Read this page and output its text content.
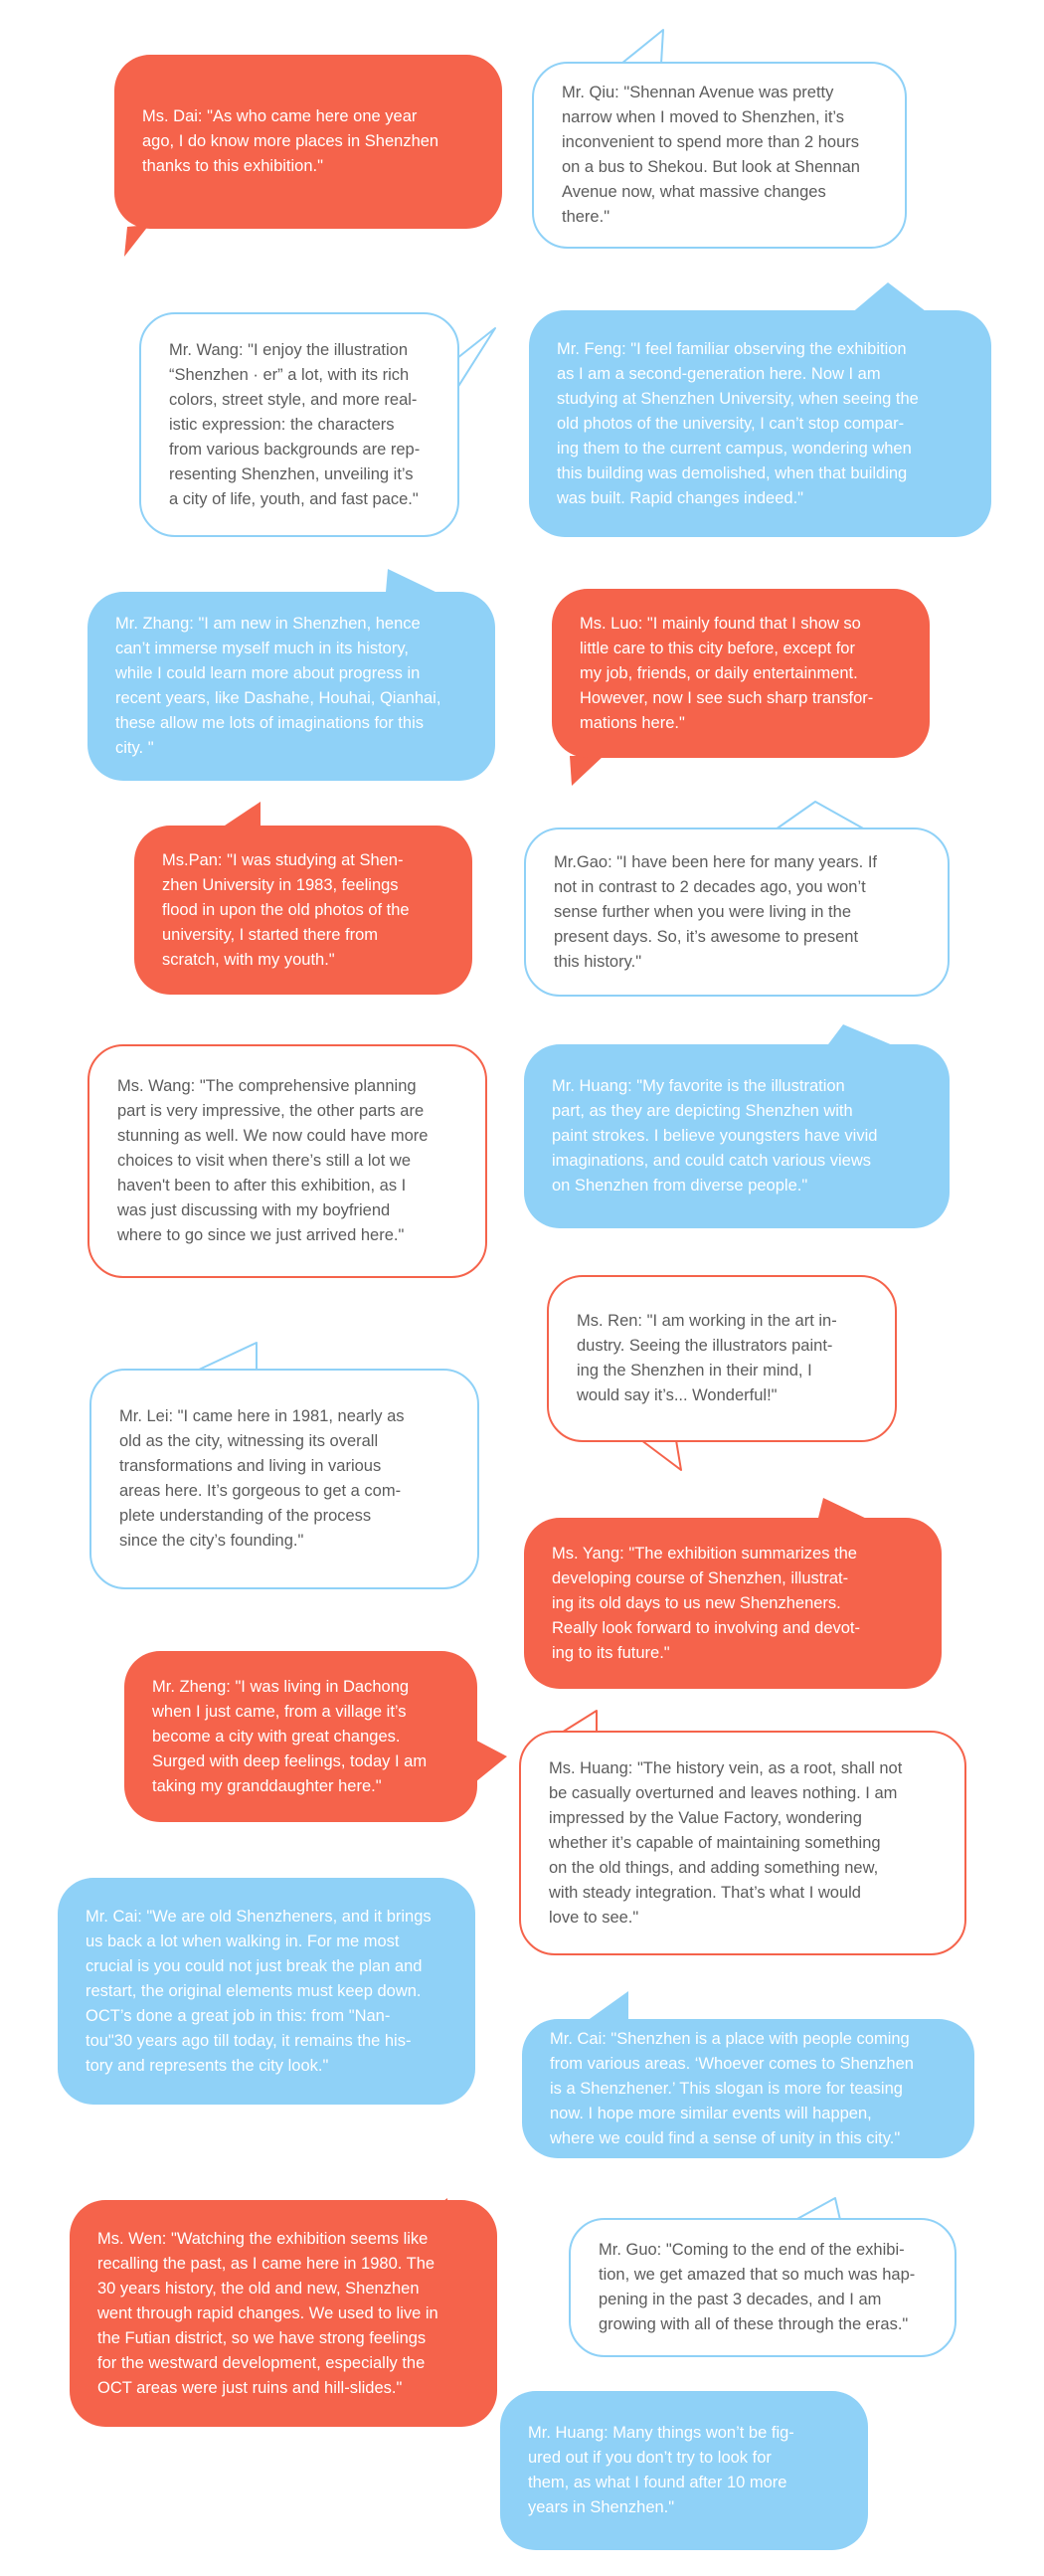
Ms. Dai: "As who came here one year
ago, I do know more places in Shenzhen
thanks to this exhibition."

Mr. Qiu: "Shennan Avenue was pretty
narrow when I moved to Shenzhen, it’s
inconvenient to spend more than 2 hours
on a bus to Shekou. But look at Shennan
Avenue now, what massive changes
there."

Mr. Wang: "I enjoy the illustration
“Shenzhen · er” a lot, with its rich
colors, street style, and more real-
istic expression: the characters
from various backgrounds are rep-
resenting Shenzhen, unveiling it’s
a city of life, youth, and fast pace."

Mr. Feng: "I feel familiar observing the exhibition
as I am a second-generation here. Now I am
studying at Shenzhen University, when seeing the
old photos of the university, I can’t stop compar-
ing them to the current campus, wondering when
this building was demolished, when that building
was built. Rapid changes indeed."

Mr. Zhang: "I am new in Shenzhen, hence
can’t immerse myself much in its history,
while I could learn more about progress in
recent years, like Dashahe, Houhai, Qianhai,
these allow me lots of imaginations for this
city. "

Ms. Luo: "I mainly found that I show so
little care to this city before, except for
my job, friends, or daily entertainment.
However, now I see such sharp transfor-
mations here."

Ms.Pan: "I was studying at Shen-
zhen University in 1983, feelings
flood in upon the old photos of the
university, I started there from
scratch, with my youth."

Mr.Gao: "I have been here for many years. If
not in contrast to 2 decades ago, you won’t
sense further when you were living in the
present days. So, it’s awesome to present
this history."

Ms. Wang: "The comprehensive planning
part is very impressive, the other parts are
stunning as well. We now could have more
choices to visit when there’s still a lot we
haven't been to after this exhibition, as I
was just discussing with my boyfriend
where to go since we just arrived here."

Mr. Huang: "My favorite is the illustration
part, as they are depicting Shenzhen with
paint strokes. I believe youngsters have vivid
imaginations, and could catch various views
on Shenzhen from diverse people."

Ms. Ren: "I am working in the art in-
dustry. Seeing the illustrators paint-
ing the Shenzhen in their mind, I
would say it’s... Wonderful!"

Mr. Lei: "I came here in 1981, nearly as
old as the city, witnessing its overall
transformations and living in various
areas here. It’s gorgeous to get a com-
plete understanding of the process
since the city’s founding."

Ms. Yang: "The exhibition summarizes the
developing course of Shenzhen, illustrat-
ing its old days to us new Shenzheners.
Really look forward to involving and devot-
ing to its future."

Mr. Zheng: "I was living in Dachong
when I just came, from a village it’s
become a city with great changes.
Surged with deep feelings, today I am
taking my granddaughter here."

Ms. Huang: "The history vein, as a root, shall not
be casually overturned and leaves nothing. I am
impressed by the Value Factory, wondering
whether it’s capable of maintaining something
on the old things, and adding something new,
with steady integration. That’s what I would
love to see."

Mr. Cai: "We are old Shenzheners, and it brings
us back a lot when walking in. For me most
crucial is you could not just break the plan and
restart, the original elements must keep down.
OCT’s done a great job in this: from "Nan-
tou"30 years ago till today, it remains the his-
tory and represents the city look."

Mr. Cai: "Shenzhen is a place with people coming
from various areas. ‘Whoever comes to Shenzhen
is a Shenzhener.’ This slogan is more for teasing
now. I hope more similar events will happen,
where we could find a sense of unity in this city."

Ms. Wen: "Watching the exhibition seems like
recalling the past, as I came here in 1980. The
30 years history, the old and new, Shenzhen
went through rapid changes. We used to live in
the Futian district, so we have strong feelings
for the westward development, especially the
OCT areas were just ruins and hill-slides."

Mr. Guo: "Coming to the end of the exhibi-
tion, we get amazed that so much was hap-
pening in the past 3 decades, and I am
growing with all of these through the eras."

Mr. Huang: Many things won’t be fig-
ured out if you don’t try to look for
them, as what I found after 10 more
years in Shenzhen."
